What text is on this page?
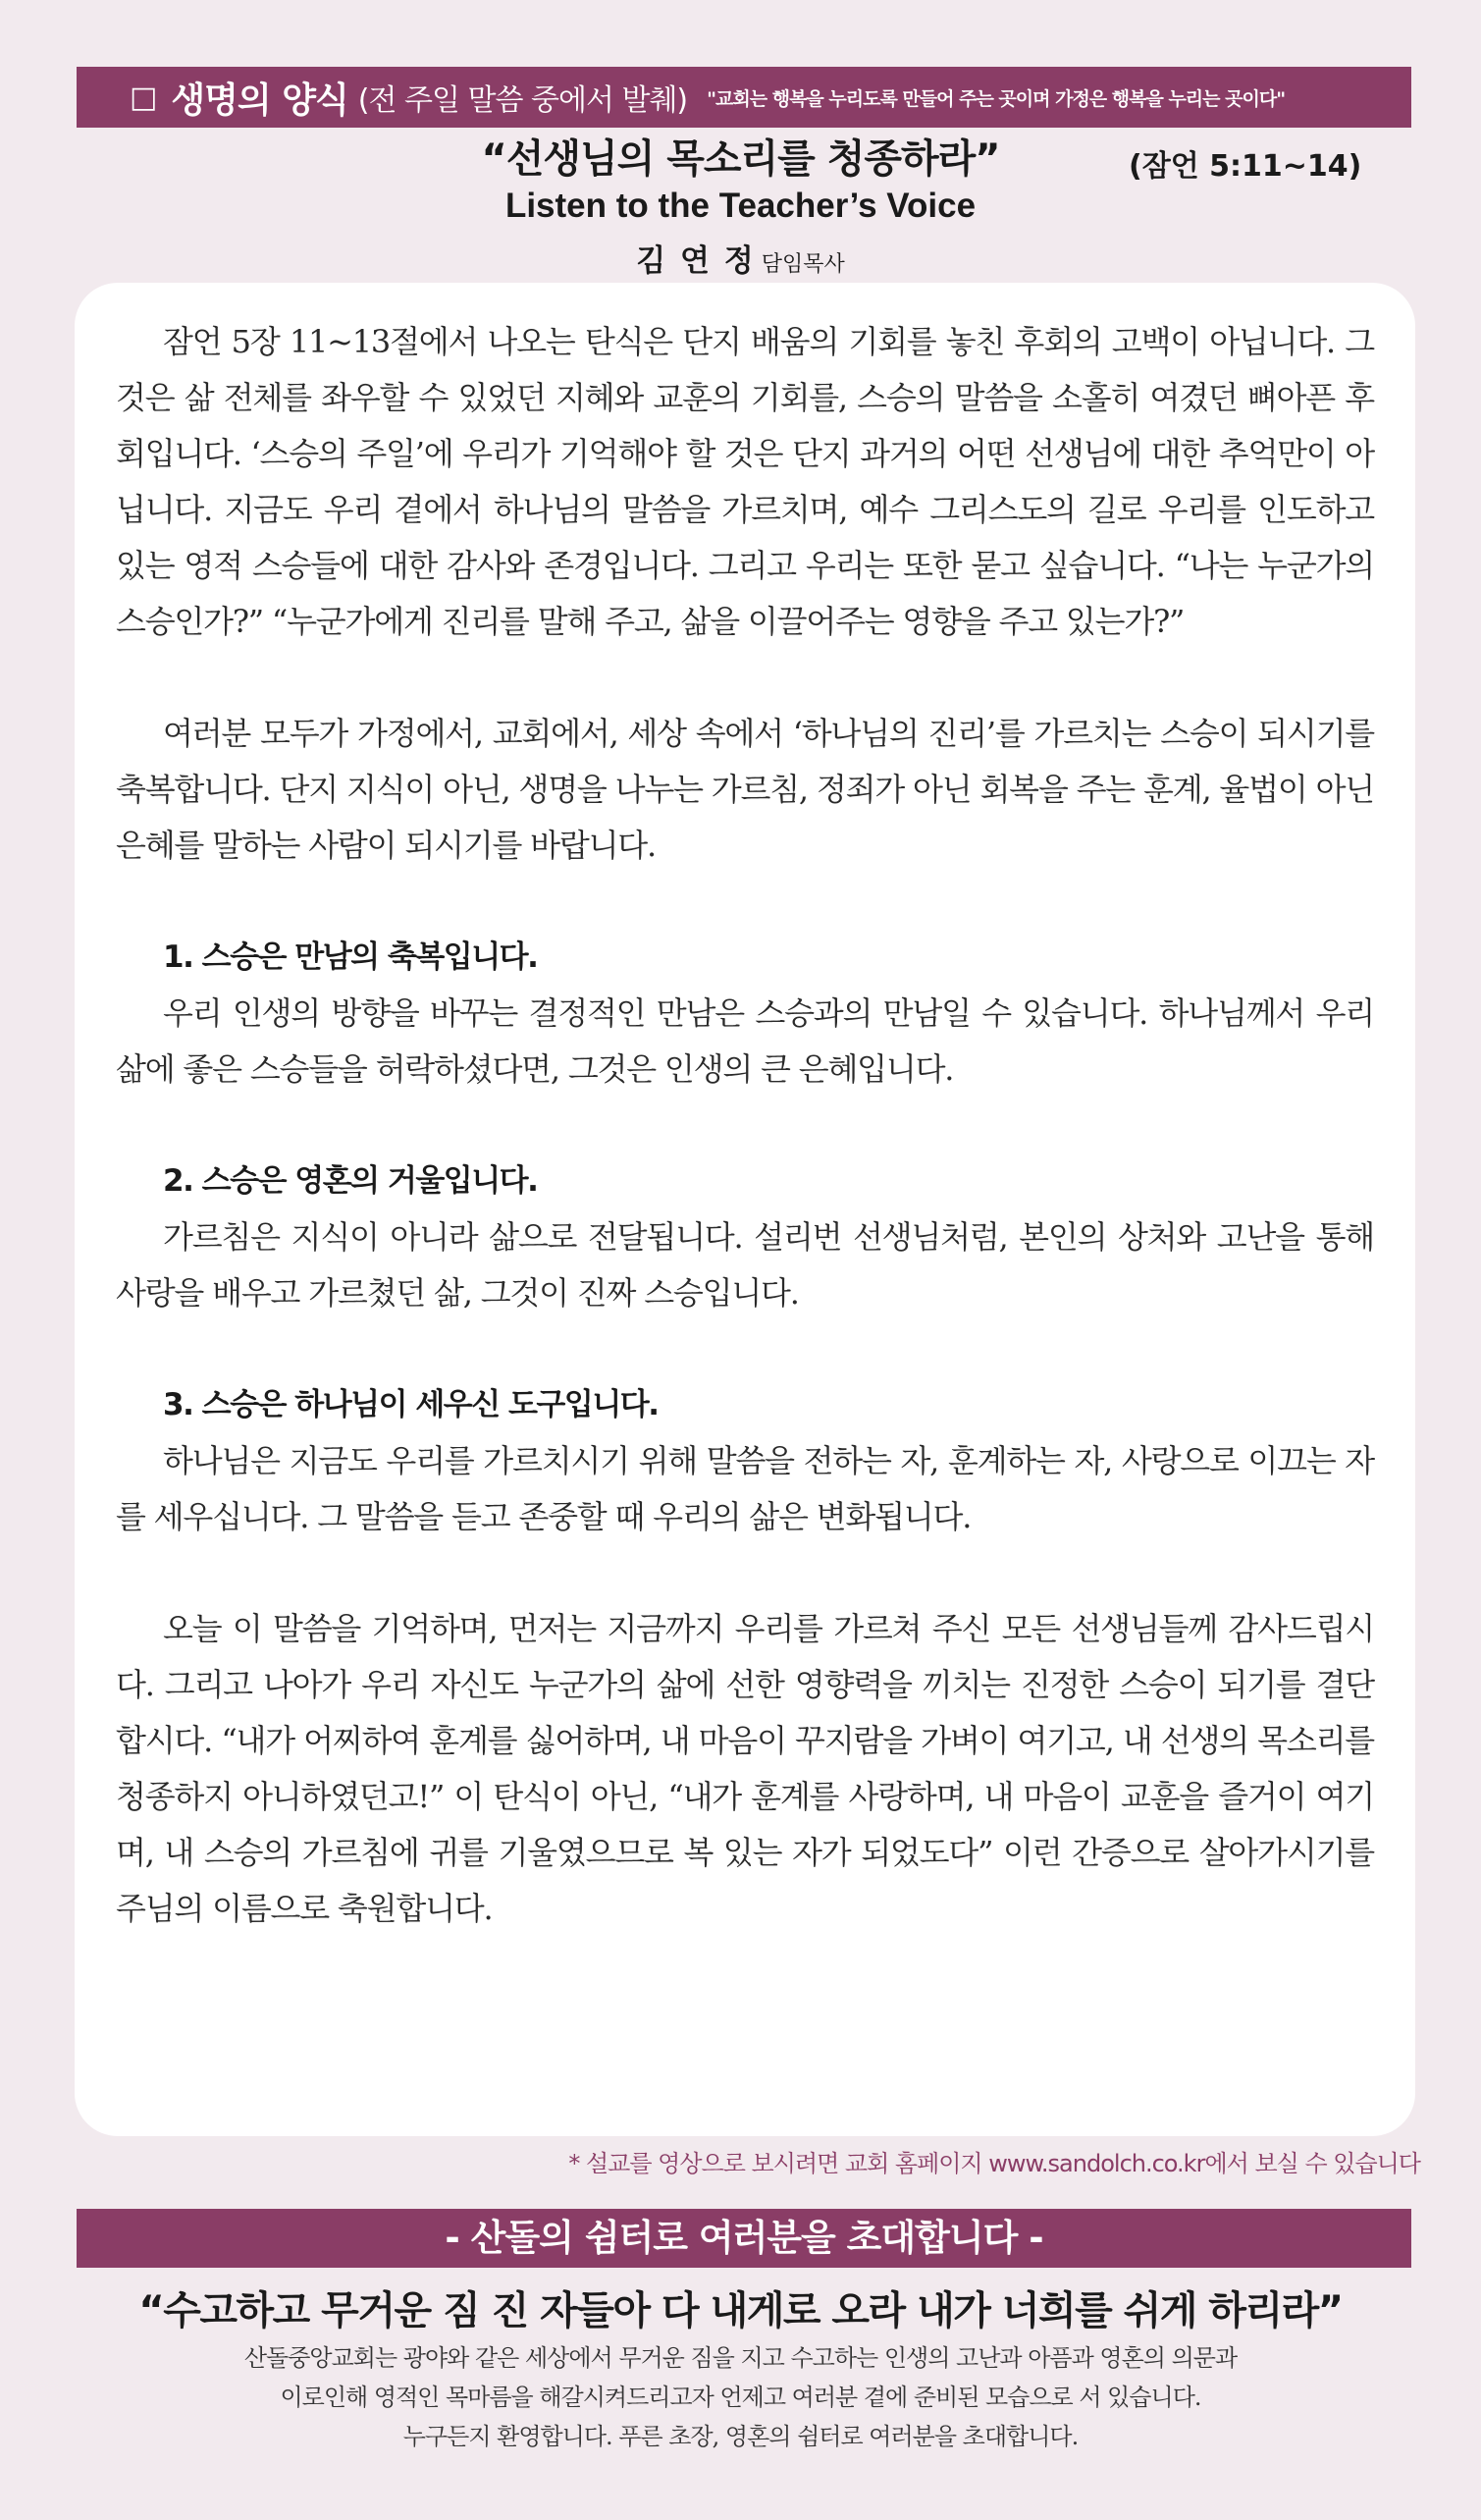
□ 생명의 양식 (전 주일 말씀 중에서 발췌) "교회는 행복을 누리도록 만들어 주는 곳이며 가정은 행복을 누리는 곳이다"
“선생님의 목소리를 청종하라”	(잠언 5:11~14)
Listen to the Teacher’s Voice
김 연 정 담임목사

잠언 5장 11~13절에서 나오는 탄식은 단지 배움의 기회를 놓친 후회의 고백이 아닙니다. 그것은 삶 전체를 좌우할 수 있었던 지혜와 교훈의 기회를, 스승의 말씀을 소홀히 여겼던 뼈아픈 후회입니다. ‘스승의 주일’에 우리가 기억해야 할 것은 단지 과거의 어떤 선생님에 대한 추억만이 아닙니다. 지금도 우리 곁에서 하나님의 말씀을 가르치며, 예수 그리스도의 길로 우리를 인도하고 있는 영적 스승들에 대한 감사와 존경입니다. 그리고 우리는 또한 묻고 싶습니다. “나는 누군가의 스승인가?” “누군가에게 진리를 말해 주고, 삶을 이끌어주는 영향을 주고 있는가?”

여러분 모두가 가정에서, 교회에서, 세상 속에서 ‘하나님의 진리’를 가르치는 스승이 되시기를 축복합니다. 단지 지식이 아닌, 생명을 나누는 가르침, 정죄가 아닌 회복을 주는 훈계, 율법이 아닌 은혜를 말하는 사람이 되시기를 바랍니다.

1. 스승은 만남의 축복입니다.

우리 인생의 방향을 바꾸는 결정적인 만남은 스승과의 만남일 수 있습니다. 하나님께서 우리 삶에 좋은 스승들을 허락하셨다면, 그것은 인생의 큰 은혜입니다.

2. 스승은 영혼의 거울입니다.

가르침은 지식이 아니라 삶으로 전달됩니다. 설리번 선생님처럼, 본인의 상처와 고난을 통해 사랑을 배우고 가르쳤던 삶, 그것이 진짜 스승입니다.

3. 스승은 하나님이 세우신 도구입니다.

하나님은 지금도 우리를 가르치시기 위해 말씀을 전하는 자, 훈계하는 자, 사랑으로 이끄는 자를 세우십니다. 그 말씀을 듣고 존중할 때 우리의 삶은 변화됩니다.

오늘 이 말씀을 기억하며, 먼저는 지금까지 우리를 가르쳐 주신 모든 선생님들께 감사드립시다. 그리고 나아가 우리 자신도 누군가의 삶에 선한 영향력을 끼치는 진정한 스승이 되기를 결단합시다. “내가 어찌하여 훈계를 싫어하며, 내 마음이 꾸지람을 가벼이 여기고, 내 선생의 목소리를 청종하지 아니하였던고!” 이 탄식이 아닌, “내가 훈계를 사랑하며, 내 마음이 교훈을 즐거이 여기며, 내 스승의 가르침에 귀를 기울였으므로 복 있는 자가 되었도다” 이런 간증으로 살아가시기를 주님의 이름으로 축원합니다.

* 설교를 영상으로 보시려면 교회 홈페이지 www.sandolch.co.kr에서 보실 수 있습니다
- 산돌의 쉼터로 여러분을 초대합니다 -
“수고하고 무거운 짐 진 자들아 다 내게로 오라 내가 너희를 쉬게 하리라”
산돌중앙교회는 광야와 같은 세상에서 무거운 짐을 지고 수고하는 인생의 고난과 아픔과 영혼의 의문과
이로인해 영적인 목마름을 해갈시켜드리고자 언제고 여러분 곁에 준비된 모습으로 서 있습니다.
누구든지 환영합니다. 푸른 초장, 영혼의 쉼터로 여러분을 초대합니다.
